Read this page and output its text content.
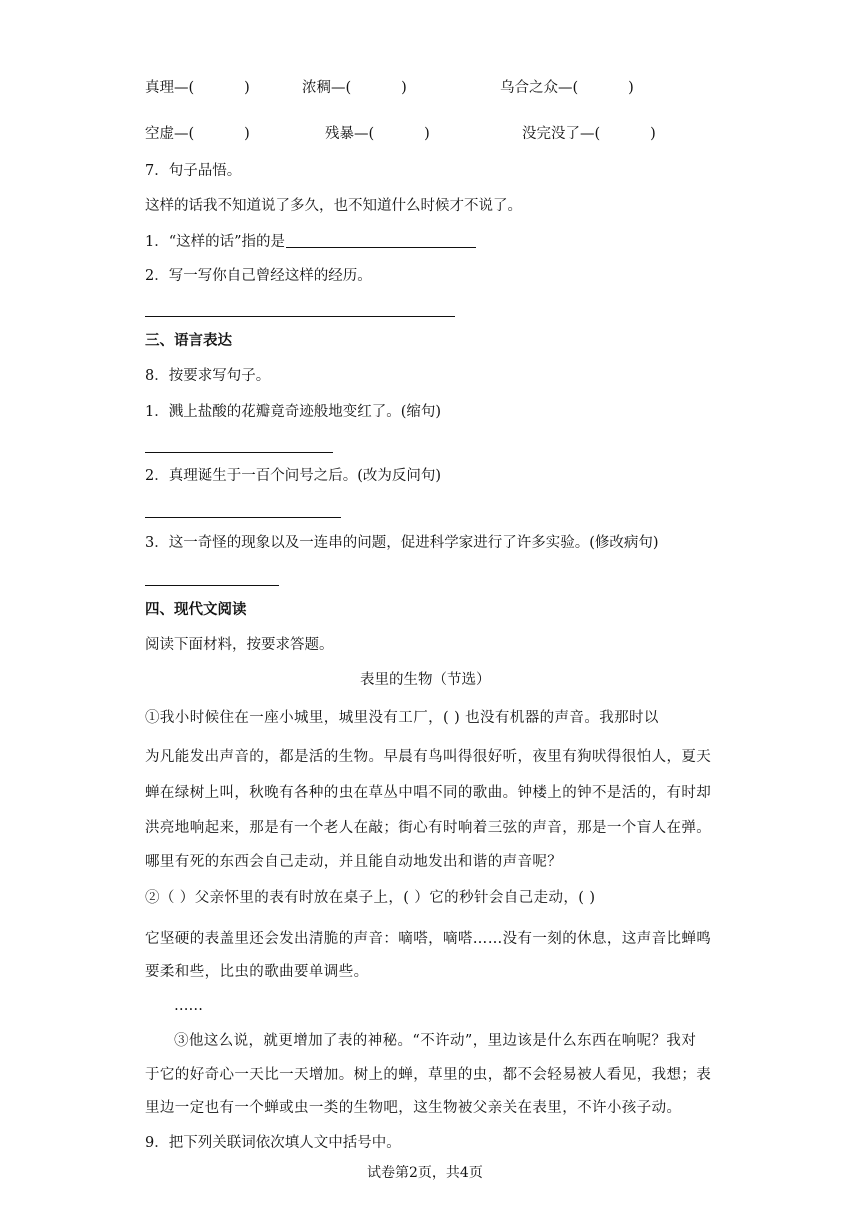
真理—(	)	浓稠—(	)	乌合之众—(	)
空虚—(	)	残暴—(	)	没完没了—(	)
7．句子品悟。
这样的话我不知道说了多久，也不知道什么时候才不说了。
1．“这样的话”指的是
2．写一写你自己曾经这样的经历。
三、语言表达
8．按要求写句子。
1．溅上盐酸的花瓣竟奇迹般地变红了。(缩句)
2．真理诞生于一百个问号之后。(改为反问句)
3．这一奇怪的现象以及一连串的问题，促进科学家进行了许多实验。(修改病句)
四、现代文阅读
阅读下面材料，按要求答题。
表里的生物（节选）
①我小时候住在一座小城里，城里没有工厂，( ) 也没有机器的声音。我那时以
为凡能发出声音的，都是活的生物。早晨有鸟叫得很好听，夜里有狗吠得很怕人，夏天
蝉在绿树上叫，秋晚有各种的虫在草丛中唱不同的歌曲。钟楼上的钟不是活的，有时却
洪亮地响起来，那是有一个老人在敲；街心有时响着三弦的声音，那是一个盲人在弹。
哪里有死的东西会自己走动，并且能自动地发出和谐的声音呢？
②（ ）父亲怀里的表有时放在桌子上，( ）它的秒针会自己走动，( )
它坚硬的表盖里还会发出清脆的声音：嘀嗒，嘀嗒……没有一刻的休息，这声音比蝉鸣
要柔和些，比虫的歌曲要单调些。
……
③他这么说，就更增加了表的神秘。“不许动”，里边该是什么东西在响呢？我对
于它的好奇心一天比一天增加。树上的蝉，草里的虫，都不会轻易被人看见，我想；表
里边一定也有一个蝉或虫一类的生物吧，这生物被父亲关在表里，不许小孩子动。
9．把下列关联词依次填人文中括号中。
试卷第2页，共4页
